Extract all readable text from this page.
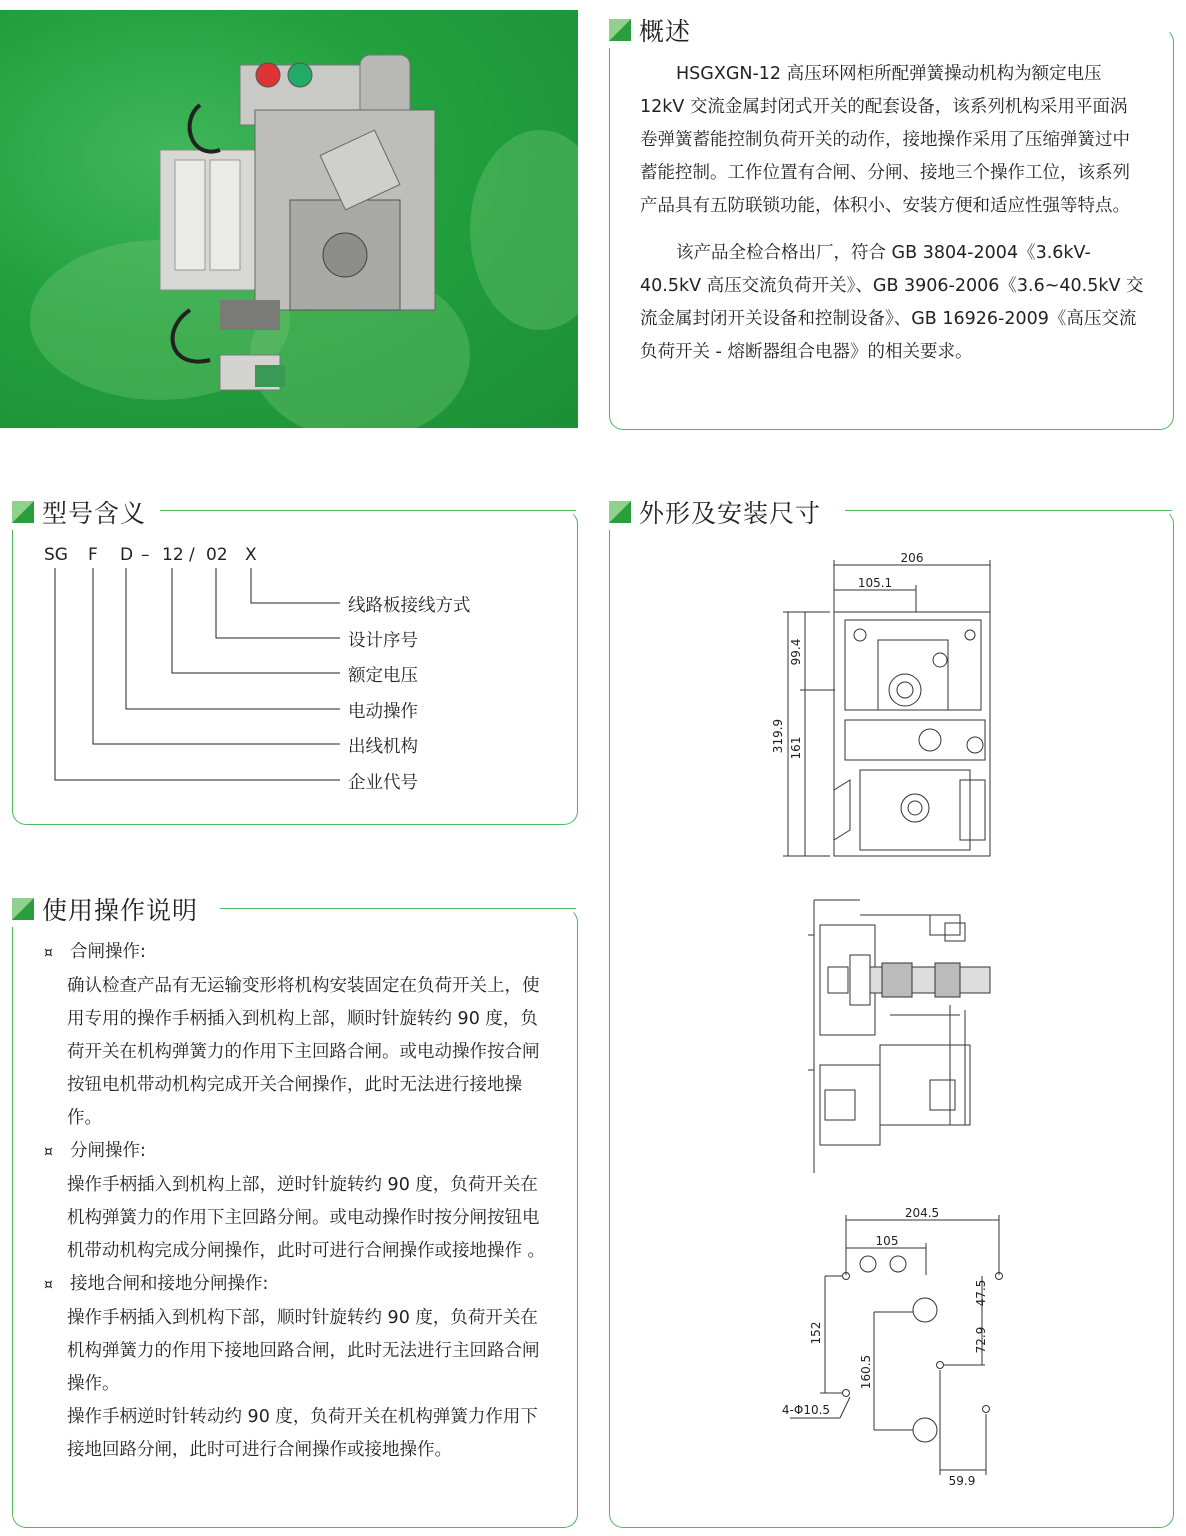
概述

HSGXGN-12 高压环网柜所配弹簧操动机构为额定电压 12kV 交流金属封闭式开关的配套设备，该系列机构采用平面涡卷弹簧蓄能控制负荷开关的动作，接地操作采用了压缩弹簧过中蓄能控制。工作位置有合闸、分闸、接地三个操作工位，该系列产品具有五防联锁功能，体积小、安装方便和适应性强等特点。

该产品全检合格出厂，符合 GB 3804-2004《3.6kV-40.5kV 高压交流负荷开关》、GB 3906-2006《3.6~40.5kV 交流金属封闭开关设备和控制设备》、GB 16926-2009《高压交流负荷开关 - 熔断器组合电器》的相关要求。

型号含义
SG F D – 12 / 02 X
线路板接线方式
设计序号
额定电压
电动操作
出线机构
企业代号
使用操作说明
¤ 合闸操作:

确认检查产品有无运输变形将机构安装固定在负荷开关上，使用专用的操作手柄插入到机构上部，顺时针旋转约 90 度，负荷开关在机构弹簧力的作用下主回路合闸。或电动操作按合闸按钮电机带动机构完成开关合闸操作，此时无法进行接地操作。

¤ 分闸操作:

操作手柄插入到机构上部，逆时针旋转约 90 度，负荷开关在机构弹簧力的作用下主回路分闸。或电动操作时按分闸按钮电机带动机构完成分闸操作，此时可进行合闸操作或接地操作 。

¤ 接地合闸和接地分闸操作:

操作手柄插入到机构下部，顺时针旋转约 90 度，负荷开关在机构弹簧力的作用下接地回路合闸，此时无法进行主回路合闸操作。

操作手柄逆时针转动约 90 度，负荷开关在机构弹簧力作用下接地回路分闸，此时可进行合闸操作或接地操作。

外形及安装尺寸
206
105.1
319.9
99.4
161
204.5
105
47.5
72.9
152
160.5
4-Φ10.5
59.9
